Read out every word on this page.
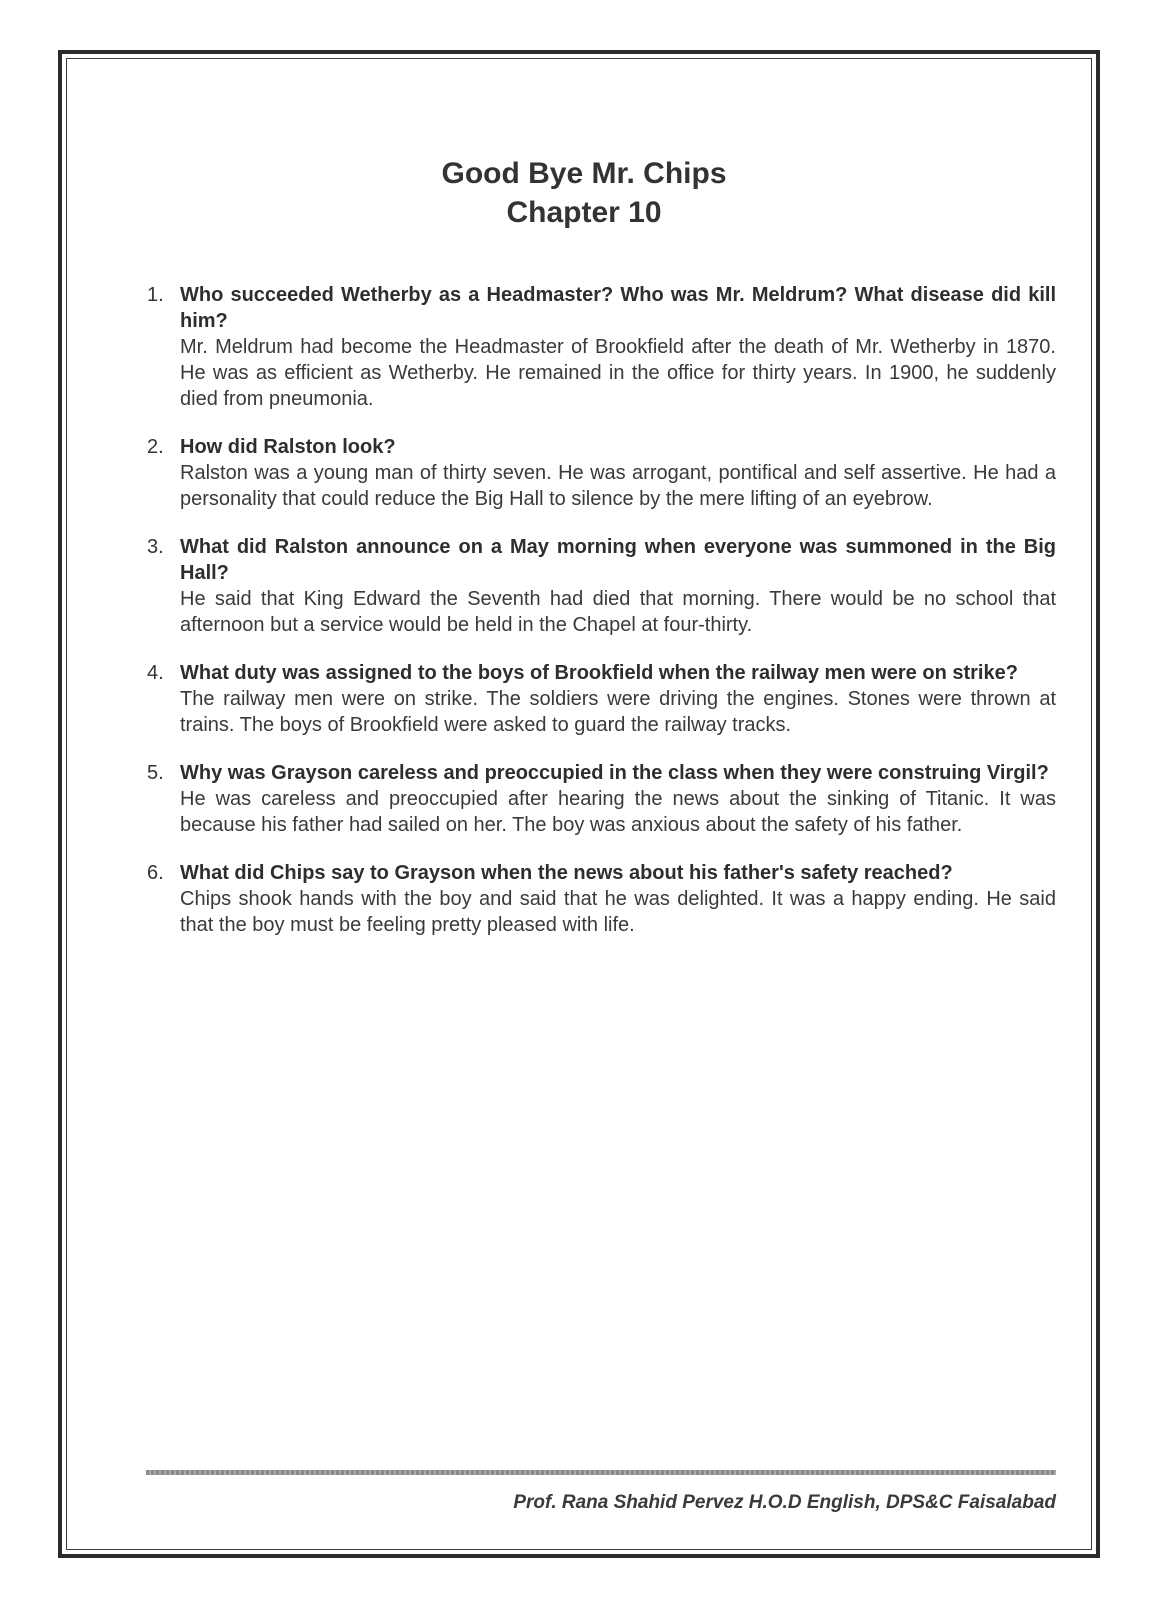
Good Bye Mr. Chips
Chapter 10
1. Who succeeded Wetherby as a Headmaster? Who was Mr. Meldrum? What disease did kill him?
Mr. Meldrum had become the Headmaster of Brookfield after the death of Mr. Wetherby in 1870. He was as efficient as Wetherby. He remained in the office for thirty years. In 1900, he suddenly died from pneumonia.
2. How did Ralston look?
Ralston was a young man of thirty seven. He was arrogant, pontifical and self assertive. He had a personality that could reduce the Big Hall to silence by the mere lifting of an eyebrow.
3. What did Ralston announce on a May morning when everyone was summoned in the Big Hall?
He said that King Edward the Seventh had died that morning. There would be no school that afternoon but a service would be held in the Chapel at four-thirty.
4. What duty was assigned to the boys of Brookfield when the railway men were on strike?
The railway men were on strike. The soldiers were driving the engines. Stones were thrown at trains. The boys of Brookfield were asked to guard the railway tracks.
5. Why was Grayson careless and preoccupied in the class when they were construing Virgil?
He was careless and preoccupied after hearing the news about the sinking of Titanic. It was because his father had sailed on her. The boy was anxious about the safety of his father.
6. What did Chips say to Grayson when the news about his father's safety reached?
Chips shook hands with the boy and said that he was delighted. It was a happy ending. He said that the boy must be feeling pretty pleased with life.
Prof. Rana Shahid Pervez H.O.D English, DPS&C Faisalabad
